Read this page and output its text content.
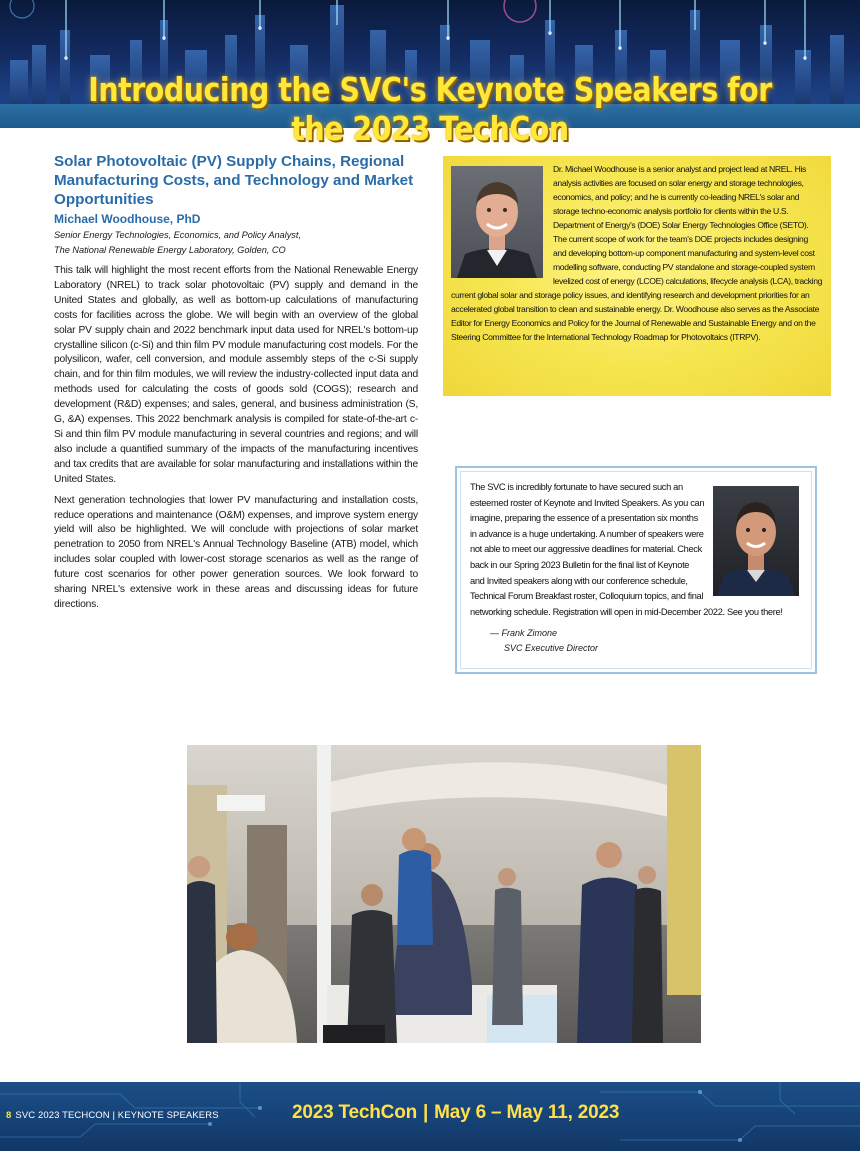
Introducing the SVC's Keynote Speakers for the 2023 TechCon
Solar Photovoltaic (PV) Supply Chains, Regional Manufacturing Costs, and Technology and Market Opportunities
Michael Woodhouse, PhD
Senior Energy Technologies, Economics, and Policy Analyst,
The National Renewable Energy Laboratory, Golden, CO

This talk will highlight the most recent efforts from the National Renewable Energy Laboratory (NREL) to track solar photovoltaic (PV) supply and demand in the United States and globally, as well as bottom-up calculations of manufacturing costs for facilities across the globe. We will begin with an overview of the global solar PV supply chain and 2022 benchmark input data used for NREL's bottom-up crystalline silicon (c-Si) and thin film PV module manufacturing cost models. For the polysilicon, wafer, cell conversion, and module assembly steps of the c-Si supply chain, and for thin film modules, we will review the industry-collected input data and methods used for calculating the costs of goods sold (COGS); research and development (R&D) expenses; and sales, general, and business administration (S, G, &A) expenses. This 2022 benchmark analysis is compiled for state-of-the-art c-Si and thin film PV module manufacturing in several countries and regions; and will also include a quantified summary of the impacts of the manufacturing incentives and tax credits that are available for solar manufacturing and installations within the United States.

Next generation technologies that lower PV manufacturing and installation costs, reduce operations and maintenance (O&M) expenses, and improve system energy yield will also be highlighted. We will conclude with projections of solar market penetration to 2050 from NREL's Annual Technology Baseline (ATB) model, which includes solar coupled with lower-cost storage scenarios as well as the range of future cost scenarios for other power generation sources. We look forward to sharing NREL's extensive work in these areas and discussing ideas for future directions.

Dr. Michael Woodhouse is a senior analyst and project lead at NREL. His analysis activities are focused on solar energy and storage technologies, economics, and policy; and he is currently co-leading NREL's solar and storage techno-economic analysis portfolio for clients within the U.S. Department of Energy's (DOE) Solar Energy Technologies Office (SETO). The current scope of work for the team's DOE projects includes designing and developing bottom-up component manufacturing and system-level cost modelling software, conducting PV standalone and storage-coupled system levelized cost of energy (LCOE) calculations, lifecycle analysis (LCA), tracking current global solar and storage policy issues, and identifying research and development priorities for an accelerated global transition to clean and sustainable energy. Dr. Woodhouse also serves as the Associate Editor for Energy Economics and Policy for the Journal of Renewable and Sustainable Energy and on the Steering Committee for the International Technology Roadmap for Photovoltaics (ITRPV).

The SVC is incredibly fortunate to have secured such an esteemed roster of Keynote and Invited Speakers. As you can imagine, preparing the essence of a presentation six months in advance is a huge undertaking. A number of speakers were not able to meet our aggressive deadlines for material. Check back in our Spring 2023 Bulletin for the final list of Keynote and Invited speakers along with our conference schedule, Technical Forum Breakfast roster, Colloquium topics, and final networking schedule. Registration will open in mid-December 2022. See you there!

— Frank Zimone
SVC Executive Director
8 SVC 2023 TECHCON | KEYNOTE SPEAKERS	2023 TechCon | May 6 – May 11, 2023
